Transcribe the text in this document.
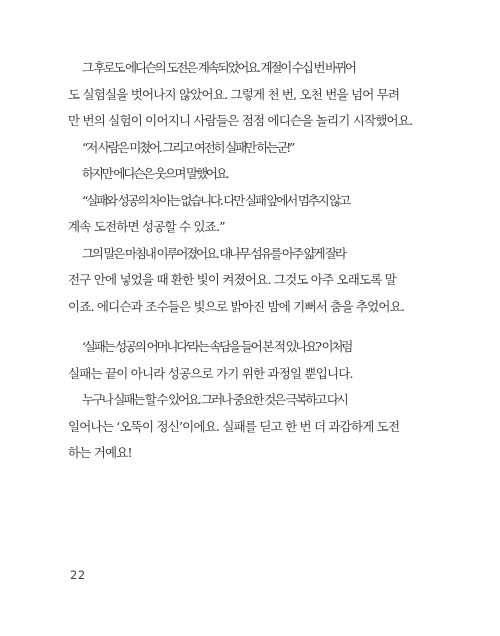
그 후로도 에디슨의 도전은 계속되었어요. 계절이 수십 번 바뀌어
도 실험실을 벗어나지 않았어요. 그렇게 천 번, 오천 번을 넘어 무려
만 번의 실험이 이어지니 사람들은 점점 에디슨을 놀리기 시작했어요.

“저 사람은 미쳤어. 그리고 여전히 실패만 하는군!”

하지만 에디슨은 웃으며 말했어요.

“실패와 성공의 차이는 없습니다. 다만 실패 앞에서 멈추지 않고
계속 도전하면 성공할 수 있죠.”

그의 말은 마침내 이루어졌어요. 대나무 섬유를 아주 얇게 잘라
전구 안에 넣었을 때 환한 빛이 켜졌어요. 그것도 아주 오래도록 말
이죠. 에디슨과 조수들은 빛으로 밝아진 밤에 기뻐서 춤을 추었어요.

‘실패는 성공의 어머니다’라는 속담을 들어 본 적 있나요? 이처럼
실패는 끝이 아니라 성공으로 가기 위한 과정일 뿐입니다.

누구나 실패는 할 수 있어요. 그러나 중요한 것은 극복하고 다시
일어나는 ‘오뚝이 정신’이에요. 실패를 딛고 한 번 더 과감하게 도전
하는 거예요!

22
